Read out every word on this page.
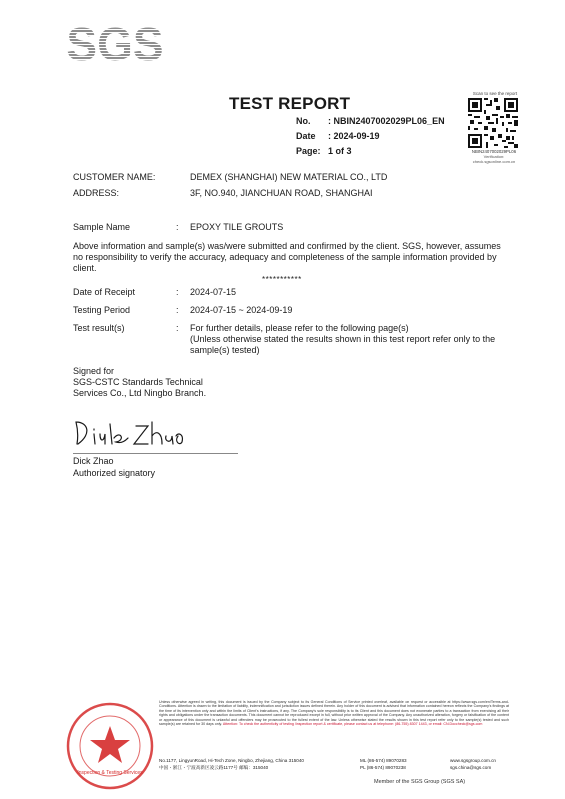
SGS
TEST REPORT
No. : NBIN2407002029PL06_EN
Date : 2024-09-19
Page: 1 of 3
Scan to see the report
NBIN2407002029PL06
Verification:
check.sgsonline.com.cn
CUSTOMER NAME:	DEMEX (SHANGHAI) NEW MATERIAL CO., LTD
ADDRESS:	3F, NO.940, JIANCHUAN ROAD, SHANGHAI
Sample Name	: EPOXY TILE GROUTS
Above information and sample(s) was/were submitted and confirmed by the client. SGS, however, assumes no responsibility to verify the accuracy, adequacy and completeness of the sample information provided by client.
***********
Date of Receipt	: 2024-07-15
Testing Period	: 2024-07-15 ~ 2024-09-19
Test result(s)	: For further details, please refer to the following page(s)
(Unless otherwise stated the results shown in this test report refer only to the sample(s) tested)
Signed for
SGS-CSTC Standards Technical
Services Co., Ltd Ningbo Branch.
Dick Zhao
Authorized signatory
Inspection & Testing Services
Unless otherwise agreed in writing, this document is issued by the Company subject to its General Conditions of Service printed overleaf, available on request or accessible at https://www.sgs.com/en/Terms-and-Conditions. Attention is drawn to the limitation of liability, indemnification and jurisdiction issues defined therein. Any holder of this document is advised that information contained hereon reflects the Company's findings at the time of its intervention only and within the limits of Client's instructions, if any. The Company's sole responsibility is to its Client and this document does not exonerate parties to a transaction from exercising all their rights and obligations under the transaction documents. This document cannot be reproduced except in full, without prior written approval of the Company. Any unauthorized alteration, forgery or falsification of the content or appearance of this document is unlawful and offenders may be prosecuted to the fullest extent of the law. Unless otherwise stated the results shown in this test report refer only to the sample(s) tested and such sample(s) are retained for 30 days only. Attention: To check the authenticity of testing /inspection report & certificate, please contact us at telephone: (86-755) 8307 1443, or email: CN.Doccheck@sgs.com
No.1177, LingyunRoad, Hi-Tech Zone, Ningbo, Zhejiang, China 315040
中国・浙江・宁波高新区凌云路1177号 邮编：315040
ML (86-574) 89070283
PL (86-574) 89070238
www.sgsgroup.com.cn
sgs.china@sgs.com
Member of the SGS Group (SGS SA)
